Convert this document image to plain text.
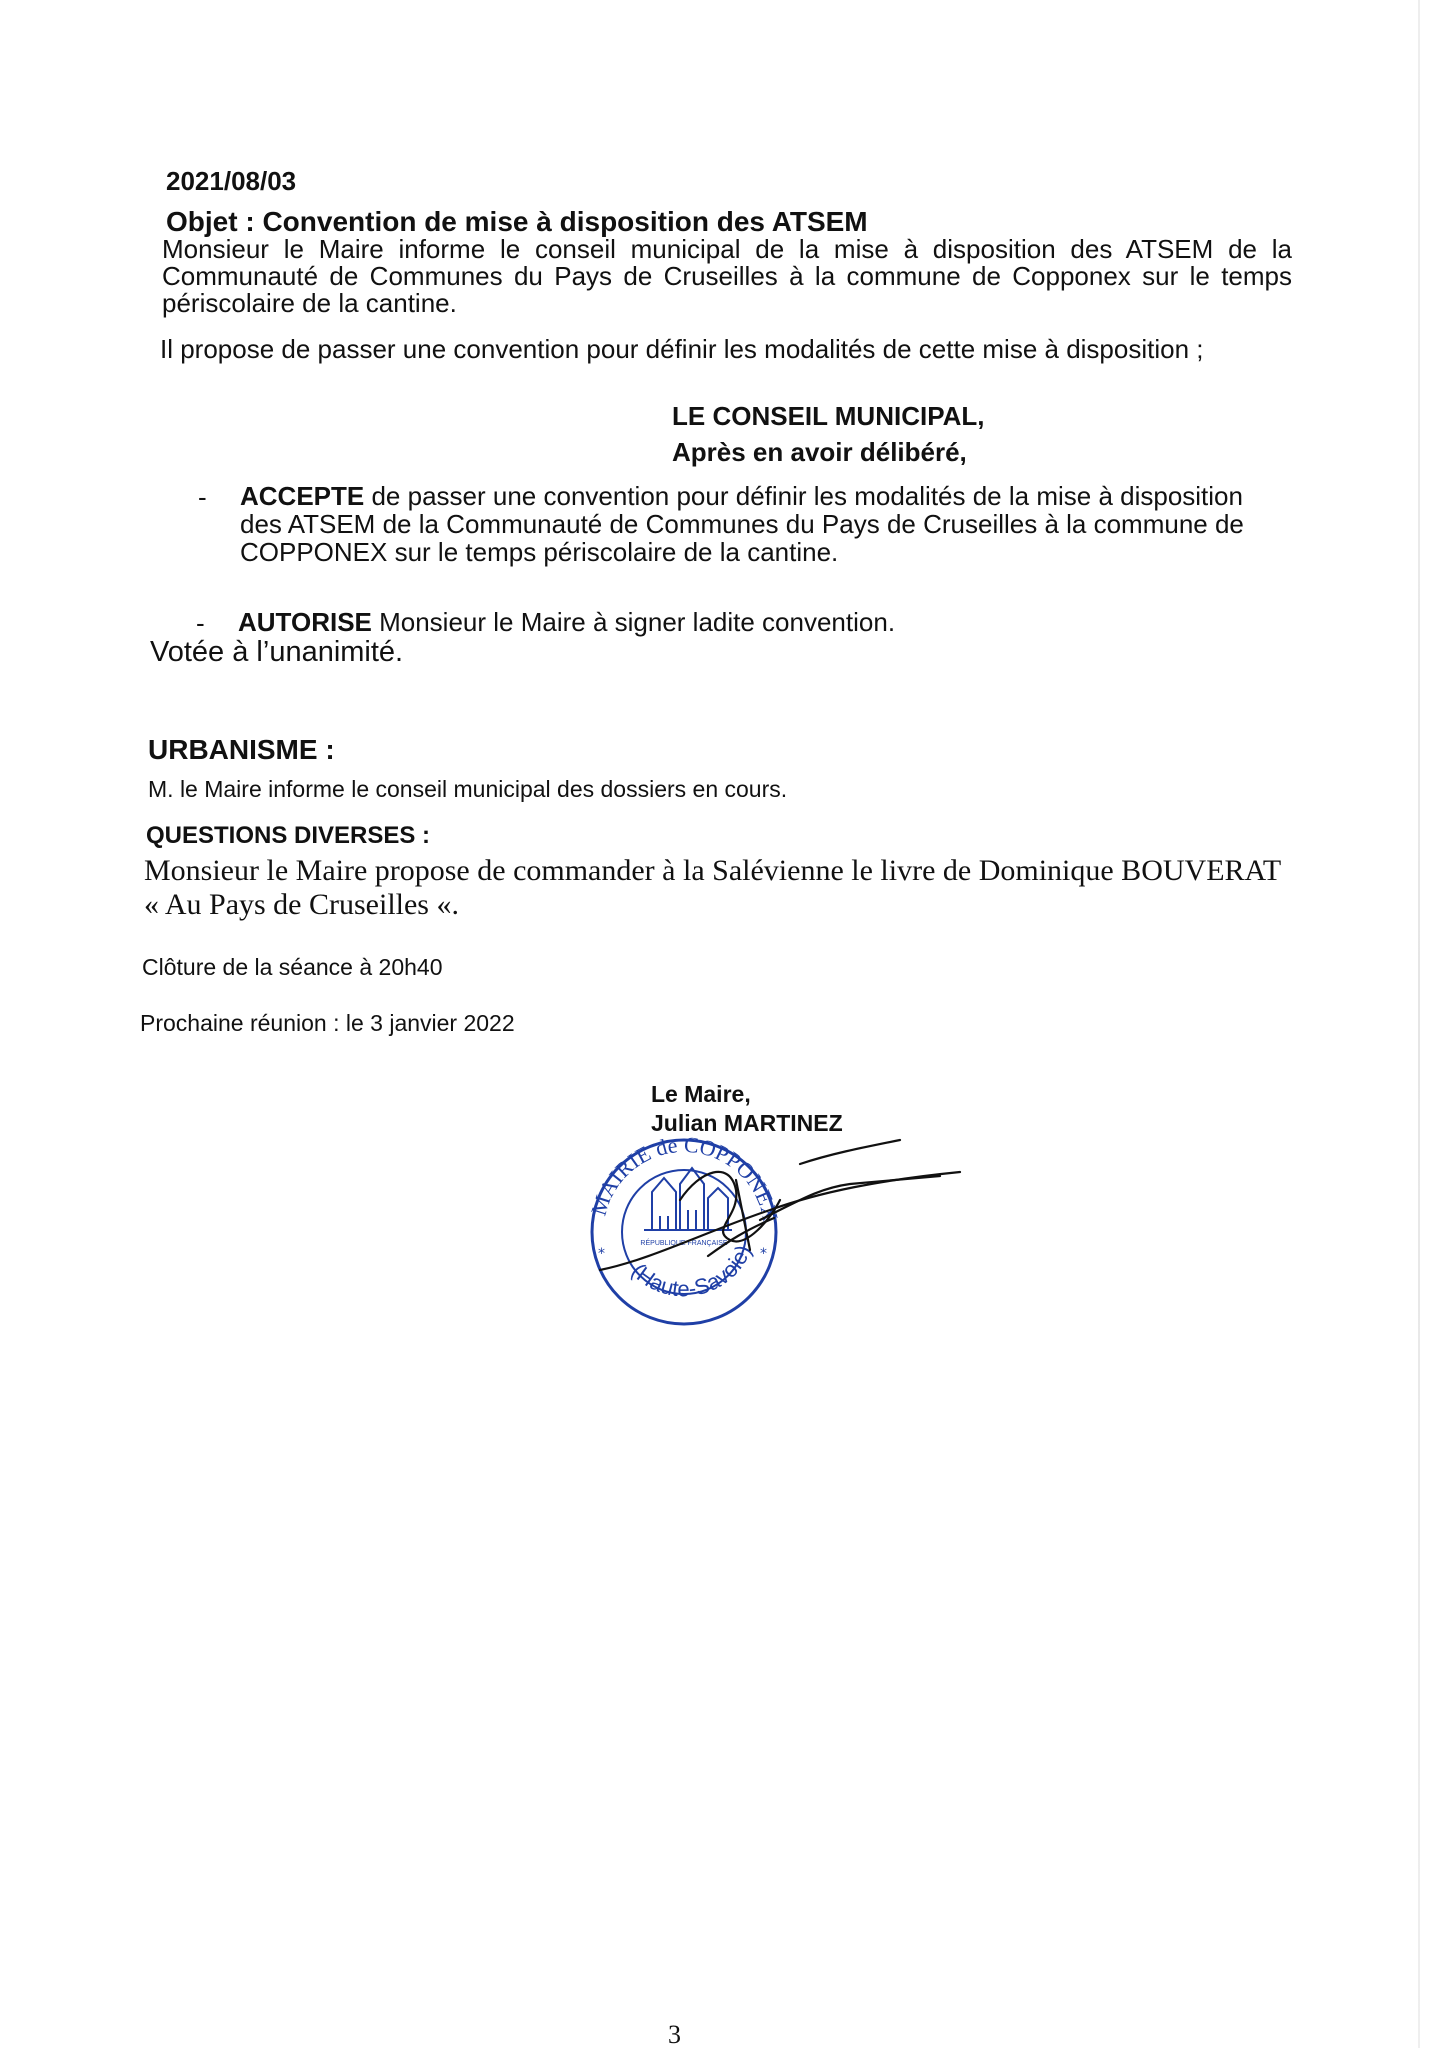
2021/08/03
Objet : Convention de mise à disposition des ATSEM
Monsieur le Maire informe le conseil municipal de la mise à disposition des ATSEM de la Communauté de Communes du Pays de Cruseilles à la commune de Copponex sur le temps périscolaire de la cantine.
Il propose de passer une convention pour définir les modalités de cette mise à disposition ;
LE CONSEIL MUNICIPAL,
Après en avoir délibéré,
- ACCEPTE de passer une convention pour définir les modalités de la mise à disposition des ATSEM de la Communauté de Communes du Pays de Cruseilles à la commune de COPPONEX sur le temps périscolaire de la cantine.
- AUTORISE Monsieur le Maire à signer ladite convention.
Votée à l’unanimité.
URBANISME :
M. le Maire informe le conseil municipal des dossiers en cours.
QUESTIONS DIVERSES :
Monsieur le Maire propose de commander à la Salévienne le livre de Dominique BOUVERAT
« Au Pays de Cruseilles «.
Clôture de la séance à 20h40
Prochaine réunion : le 3 janvier 2022
Le Maire,
Julian MARTINEZ
MAIRIE de COPPONEX
(Haute-Savoie)
RÉPUBLIQUE FRANÇAISE
*	*
3
